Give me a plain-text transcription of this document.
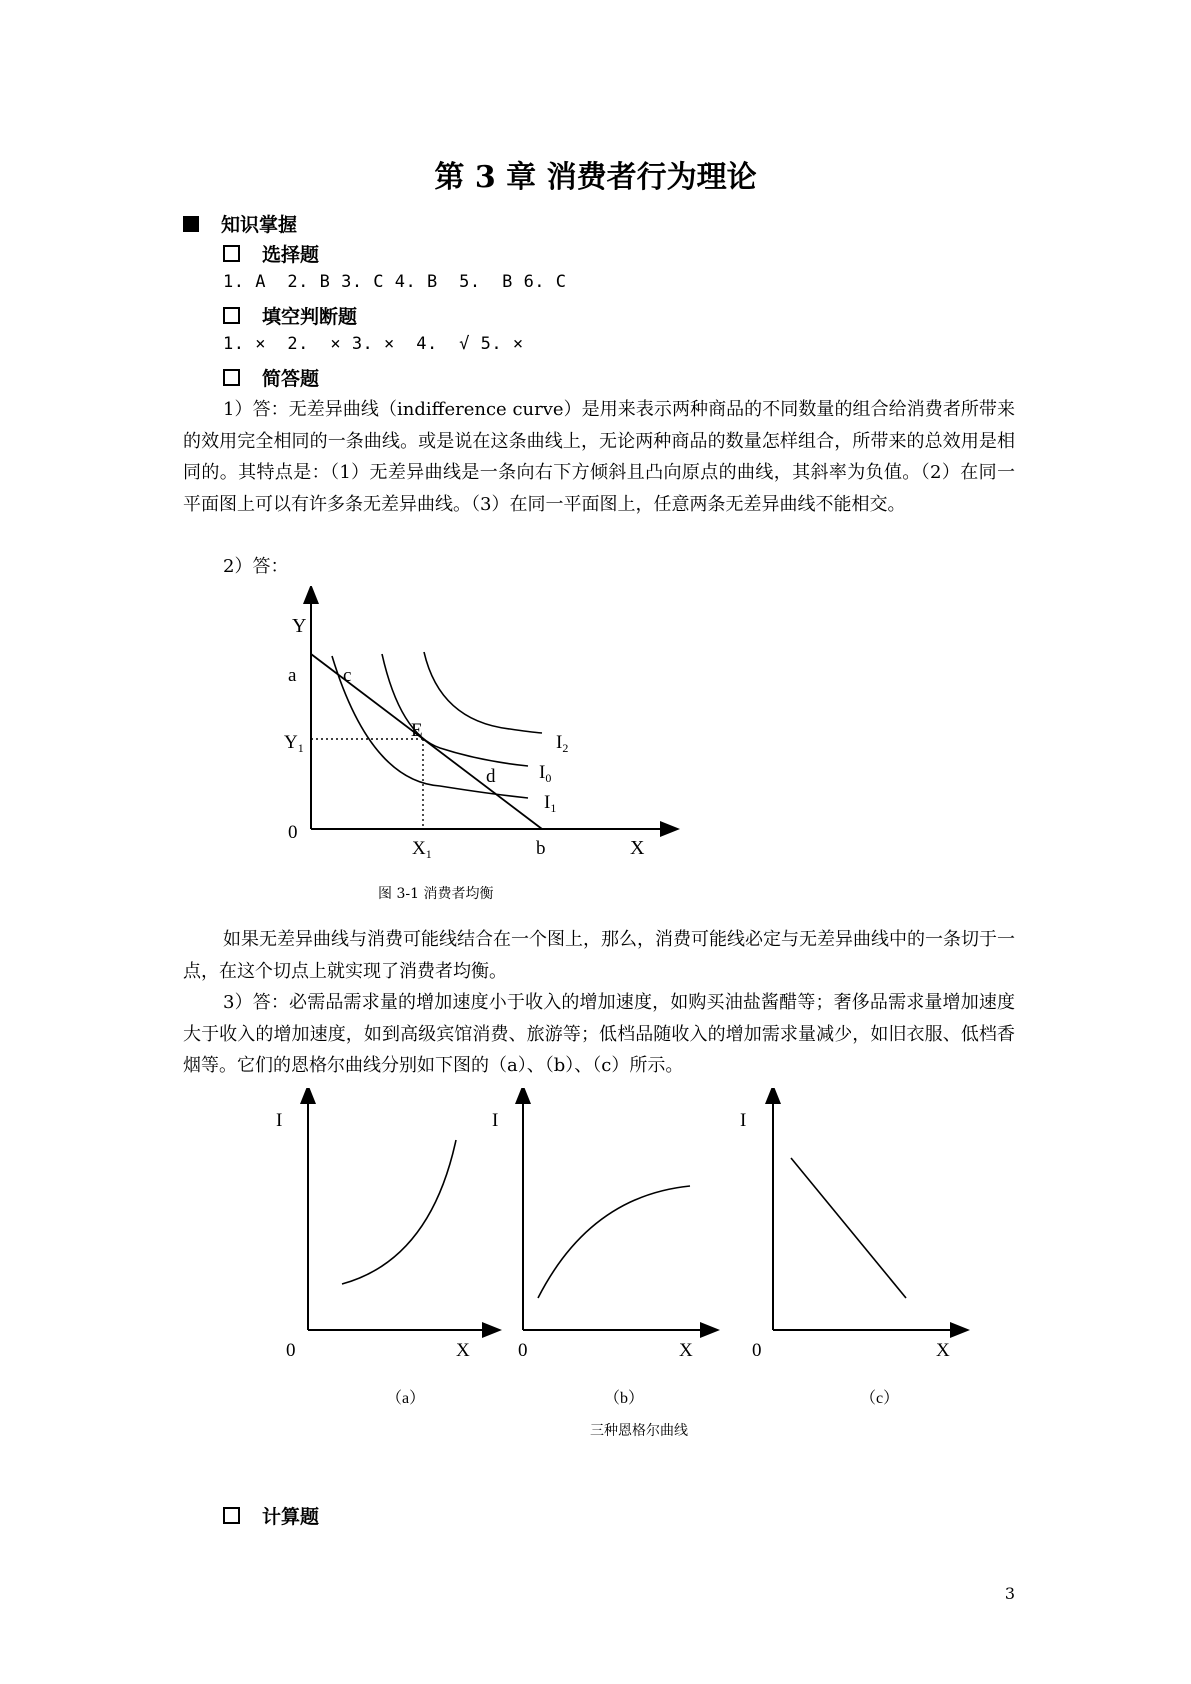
第 3 章 消费者行为理论
知识掌握
选择题
1. A  2. B 3. C 4. B  5.  B 6. C
填空判断题
1. ×  2.  × 3. ×  4.  √ 5. ×
简答题
1）答：无差异曲线（indifference curve）是用来表示两种商品的不同数量的组合给消费者所带来的效用完全相同的一条曲线。或是说在这条曲线上，无论两种商品的数量怎样组合，所带来的总效用是相同的。其特点是：（1）无差异曲线是一条向右下方倾斜且凸向原点的曲线，其斜率为负值。（2）在同一平面图上可以有许多条无差异曲线。（3）在同一平面图上，任意两条无差异曲线不能相交。
2）答：
Y
X
0
a c
E
d
b
$Y_1$
$X_1$
$I_2$
$I_0$
$I_1$
图 3-1 消费者均衡
如果无差异曲线与消费可能线结合在一个图上，那么，消费可能线必定与无差异曲线中的一条切于一点，在这个切点上就实现了消费者均衡。
3）答：必需品需求量的增加速度小于收入的增加速度，如购买油盐酱醋等；奢侈品需求量增加速度大于收入的增加速度，如到高级宾馆消费、旅游等；低档品随收入的增加需求量减少，如旧衣服、低档香烟等。它们的恩格尔曲线分别如下图的（a）、（b）、（c）所示。
I
0	X
（a）
I
0	X
（b）
I
0	X
（c）
三种恩格尔曲线
计算题
3
